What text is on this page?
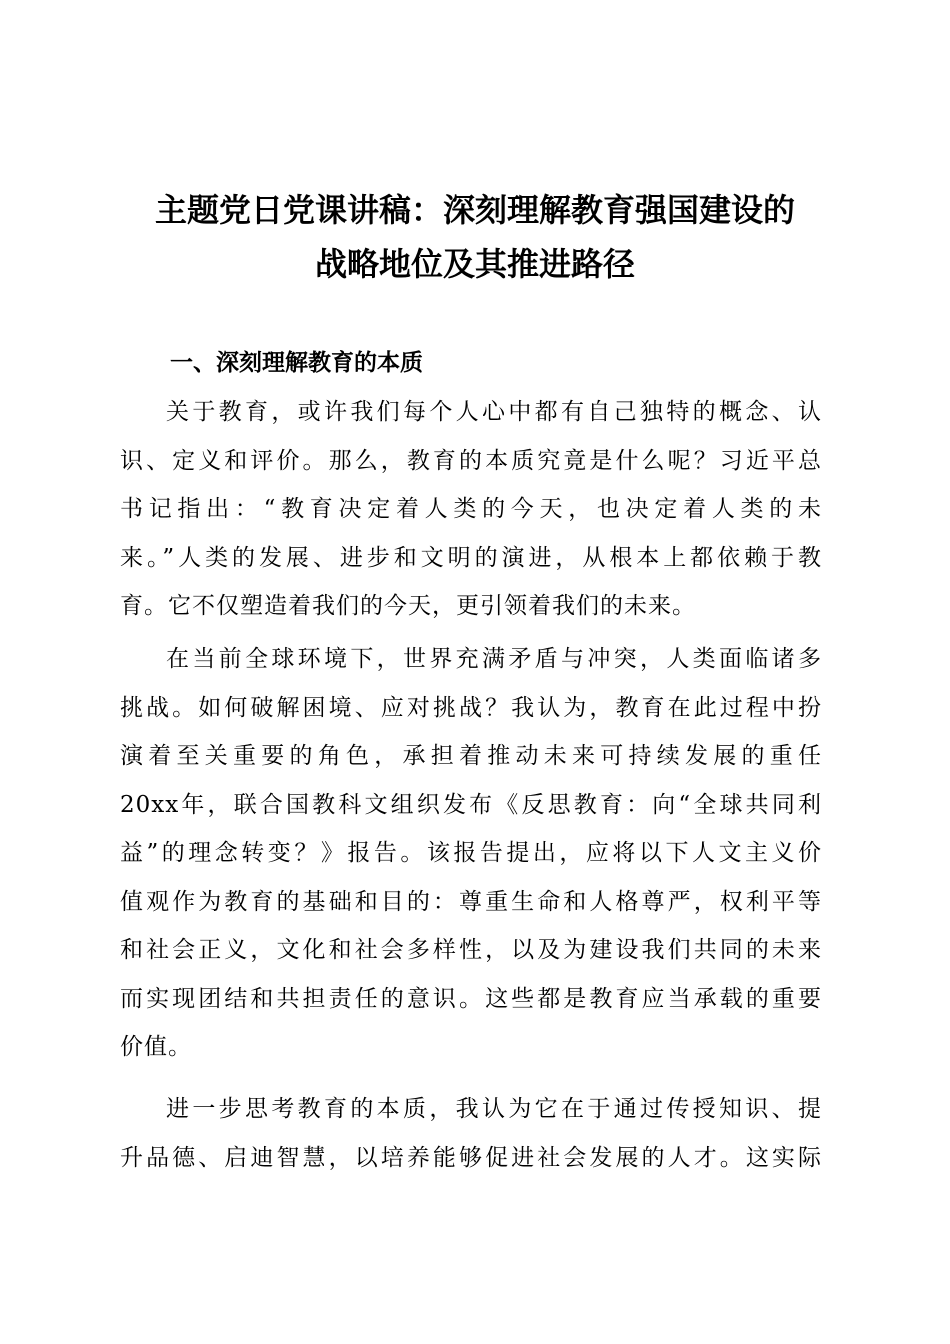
主题党日党课讲稿：深刻理解教育强国建设的
战略地位及其推进路径
一、深刻理解教育的本质
关于教育，或许我们每个人心中都有自己独特的概念、认
识、定义和评价。那么，教育的本质究竟是什么呢？习近平总
书记指出：“教育决定着人类的今天，也决定着人类的未
来。”人类的发展、进步和文明的演进，从根本上都依赖于教
育。它不仅塑造着我们的今天，更引领着我们的未来。
在当前全球环境下，世界充满矛盾与冲突，人类面临诸多
挑战。如何破解困境、应对挑战？我认为，教育在此过程中扮
演着至关重要的角色，承担着推动未来可持续发展的重任
20xx年，联合国教科文组织发布《反思教育：向“全球共同利
益”的理念转变？》报告。该报告提出，应将以下人文主义价
值观作为教育的基础和目的：尊重生命和人格尊严，权利平等
和社会正义，文化和社会多样性，以及为建设我们共同的未来
而实现团结和共担责任的意识。这些都是教育应当承载的重要
价值。
进一步思考教育的本质，我认为它在于通过传授知识、提
升品德、启迪智慧，以培养能够促进社会发展的人才。这实际
